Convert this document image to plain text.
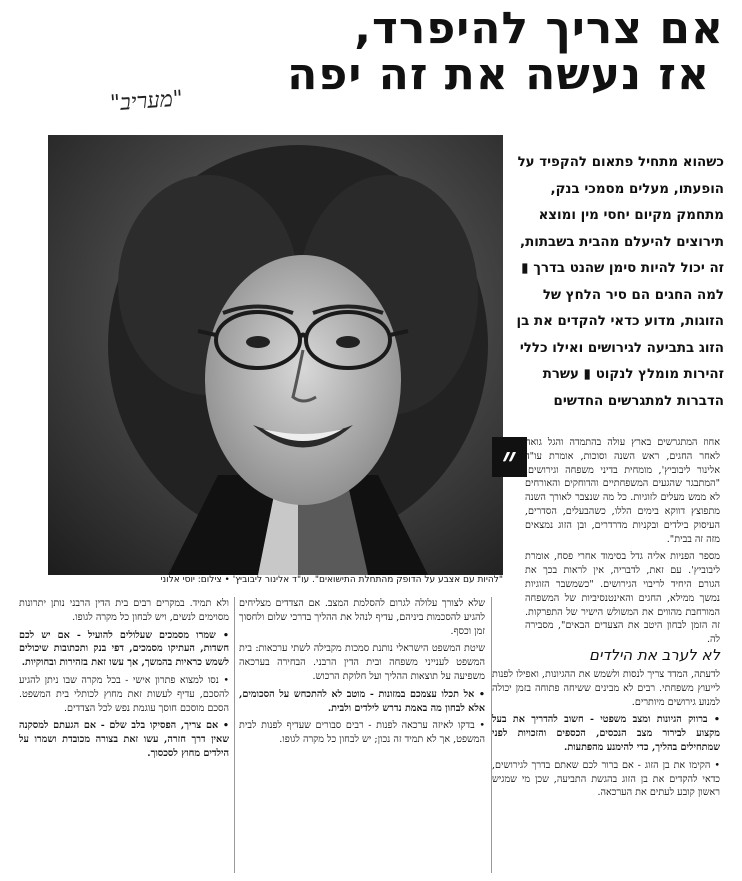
אם צריך להיפרד,
אז נעשה את זה יפה
"מעריב"
"להיות עם אצבע על הדופק מהתחלת התישואים". עו"ד אלינור ליבוביץ' • צילום: יוסי אלוני
כשהוא מתחיל פתאום להקפיד על הופעתו, מעלים מסמכי בנק, מתחמק מקיום יחסי מין ומוצא תירוצים להיעלם מהבית בשבתות, זה יכול להיות סימן שהנט בדרך ▮ למה החגים הם סיר הלחץ של הזוגות, מדוע כדאי להקדים את בן הזוג בתביעה לגירושים ואילו כללי זהירות מומלץ לנקוט ▮ עשרת הדברות למתגרשים החדשים
״ אחוז המתגרשים בארץ עולה בהתמדה והגל גואה לאחר החגים, ראש השנה וסוכות, אומרת עו"ד אלינור ליבוביץ', מומחית בדיני משפחה וגירושים. "המתבגר שהגעים המשפחתיים והדוחקים והאורחים לא ממש מעלים לזוגיות. כל מה שנצבר לאורך השנה מתפוצץ דווקא בימים הללו, כשהבעלים, הסדרים, העיסוק בילדים ובקניות מדרדרים, ובן הזוג נמצאים מזה זה בבית".

מספר הפניות אליה גדל בסימוד אחרי פסח, אומרת ליבוביץ'. עם זאת, לדבריה, אין לראות בכך את הגורם היחיד לריבוי הגירושים. "כשמשבר הזוגיות נמשך ממילא, החגים והאינטנסיביות של המשפחה המורחבת מהווים את המשולש הישיר של התפרקות. זה הזמן לבחון היטב את הצעדים הבאים", מסבירה לה.

לא לערב את הילדים

לדעתה, המדד צריך לנסות ולשמש את ההגיונות, ואפילו לפנות לייעוץ משפחתי. רבים לא מבינים ששיחה פתוחה בזמן יכולה למנוע גירושים מיותרים.

• ברווק הגיונות ומצב משפטי - חשוב להדריך את בעל מקצוע לבירור מצב הנכסים, הכספים והזכויות לפני שמתחילים בהליך, כדי להימנע מהפתעות.

• הקימו את בן הזוג - אם ברור לכם שאתם בדרך לגירושים, כדאי להקדים את בן הזוג בהגשת התביעה, שכן מי שמגיש ראשון קובע לעתים את הערכאה.

שלא לצורך עלולה לגרום להסלמת המצב. אם הצדדים מצליחים להגיע להסכמות ביניהם, עדיף לנהל את ההליך בדרכי שלום ולחסוך זמן וכסף.

שיטת המשפט הישראלי נותנת סמכות מקבילה לשתי ערכאות: בית המשפט לענייני משפחה ובית הדין הרבני. הבחירה בערכאה משפיעה על תוצאות ההליך ועל חלוקת הרכוש.

• אל תכלו עצמכם במזונות - מוטב לא להתכחש על הסכומים, אלא לבחון מה באמת נדרש לילדים ולבית.

• בדקו לאיזה ערכאה לפנות - רבים סבורים שעדיף לפנות לבית המשפט, אך לא תמיד זה נכון; יש לבחון כל מקרה לגופו.

ולא תמיד. במקרים רבים בית הדין הרבני נותן יתרונות מסוימים לנשים, ויש לבחון כל מקרה לגופו.

• שמרו מסמכים שעלולים להועיל - אם יש לכם חשדות, העתיקו מסמכים, דפי בנק ותכתובות שיכולים לשמש כראיות בהמשך, אך עשו זאת בזהירות ובחוקיות.

• נסו למצוא פתרון אישי - בכל מקרה שבו ניתן להגיע להסכם, עדיף לעשות זאת מחוץ לכותלי בית המשפט. הסכם מוסכם חוסך עוגמת נפש לכל הצדדים.

• אם צריך, הפסיקו בלב שלם - אם הגעתם למסקנה שאין דרך חזרה, עשו זאת בצורה מכובדת ושמרו על הילדים מחוץ לסכסוך.
